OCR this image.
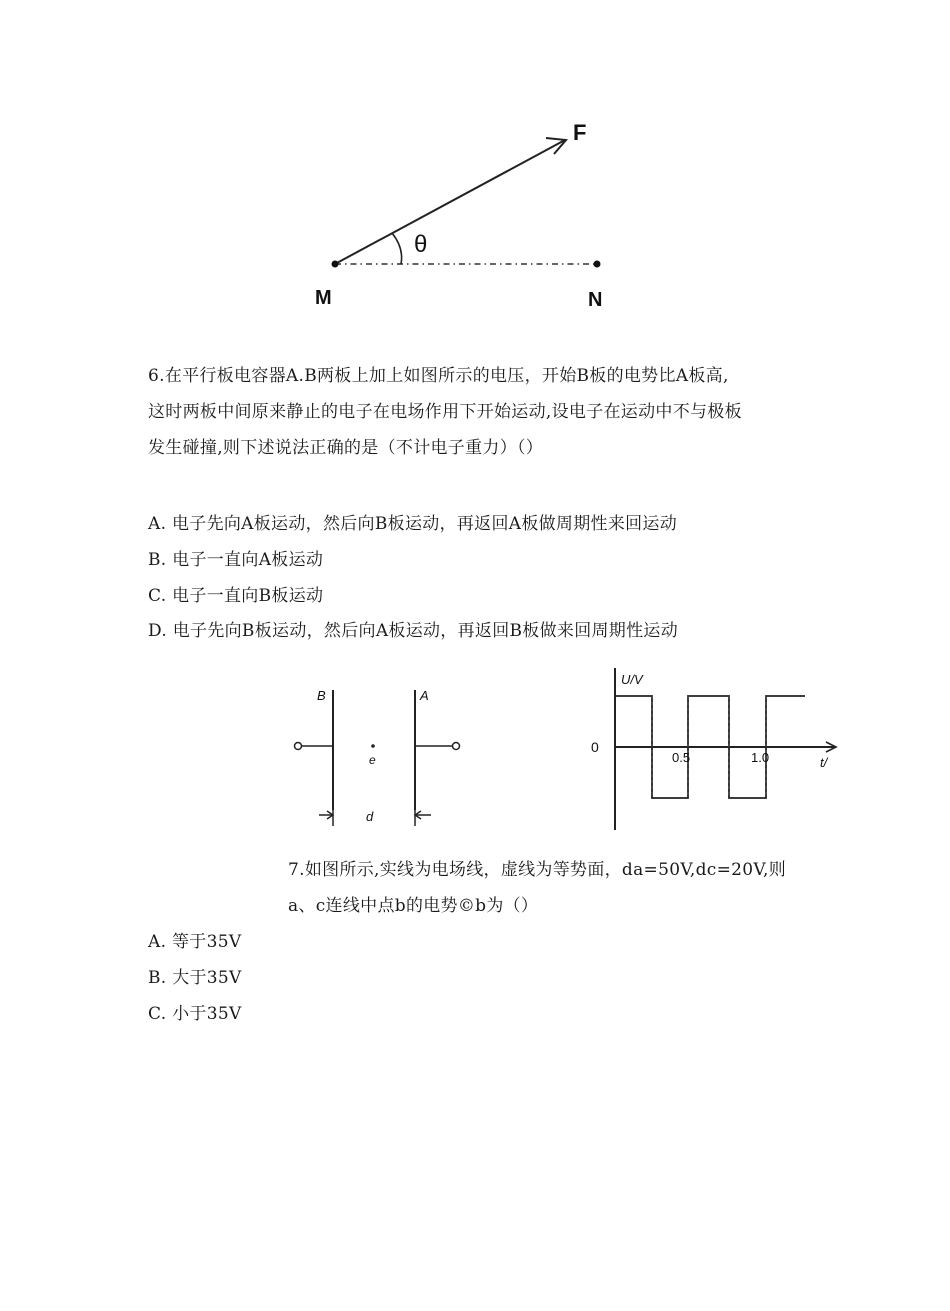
F
θ
M	N
6.在平行板电容器A.B两板上加上如图所示的电压，开始B板的电势比A板高,
这时两板中间原来静止的电子在电场作用下开始运动,设电子在运动中不与极板
发生碰撞,则下述说法正确的是（不计电子重力）（）
A. 电子先向A板运动，然后向B板运动，再返回A板做周期性来回运动
B. 电子一直向A板运动
C. 电子一直向B板运动
D. 电子先向B板运动，然后向A板运动，再返回B板做来回周期性运动
B	A
e
d
U/V
0
0.5	1.0	t/
7.如图所示,实线为电场线，虚线为等势面，da=50V,dc=20V,则
a、c连线中点b的电势©b为（）
A. 等于35V
B. 大于35V
C. 小于35V
